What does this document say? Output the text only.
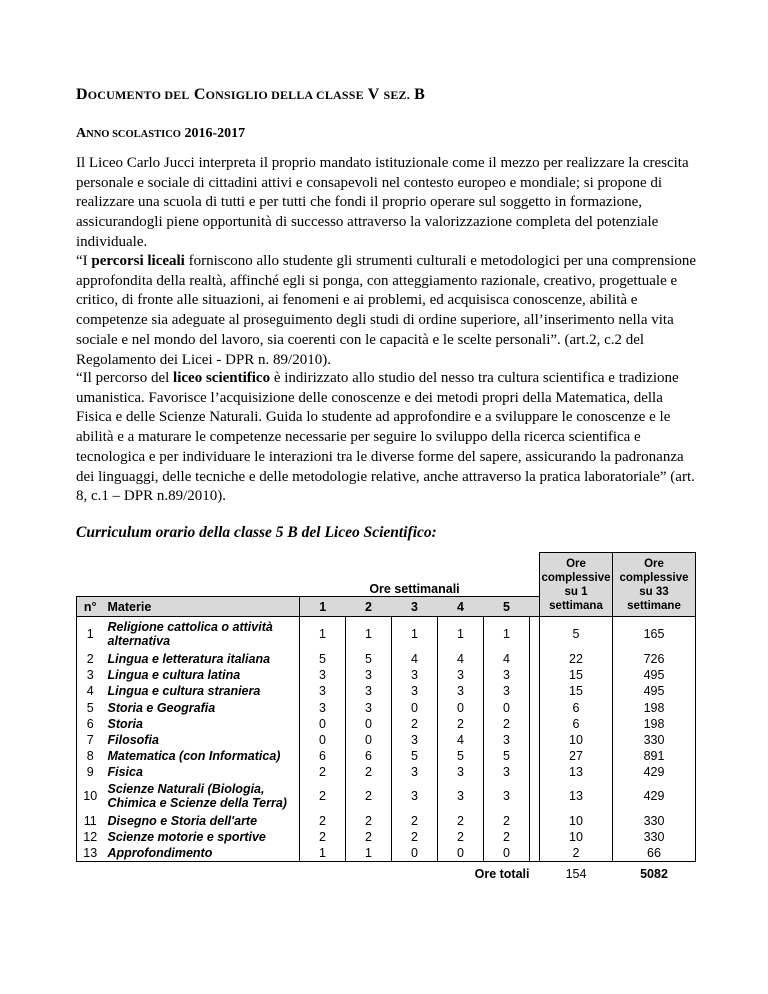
DOCUMENTO DEL CONSIGLIO DELLA CLASSE V SEZ. B
ANNO SCOLASTICO 2016-2017

Il Liceo Carlo Jucci interpreta il proprio mandato istituzionale come il mezzo per realizzare la crescita personale e sociale di cittadini attivi e consapevoli nel contesto europeo e mondiale; si propone di realizzare una scuola di tutti e per tutti che fondi il proprio operare sul soggetto in formazione, assicurandogli piene opportunità di successo attraverso la valorizzazione completa del potenziale individuale.

“I percorsi liceali forniscono allo studente gli strumenti culturali e metodologici per una comprensione approfondita della realtà, affinché egli si ponga, con atteggiamento razionale, creativo, progettuale e critico, di fronte alle situazioni, ai fenomeni e ai problemi, ed acquisisca conoscenze, abilità e competenze sia adeguate al proseguimento degli studi di ordine superiore, all’inserimento nella vita sociale e nel mondo del lavoro, sia coerenti con le capacità e le scelte personali”. (art.2, c.2 del Regolamento dei Licei - DPR n. 89/2010).

“Il percorso del liceo scientifico è indirizzato allo studio del nesso tra cultura scientifica e tradizione umanistica. Favorisce l’acquisizione delle conoscenze e dei metodi propri della Matematica, della Fisica e delle Scienze Naturali. Guida lo studente ad approfondire e a sviluppare le conoscenze e le abilità e a maturare le competenze necessarie per seguire lo sviluppo della ricerca scientifica e tecnologica e per individuare le interazioni tra le diverse forme del sapere, assicurando la padronanza dei linguaggi, delle tecniche e delle metodologie relative, anche attraverso la pratica laboratoriale” (art. 8, c.1 – DPR n.89/2010).

Curriculum orario della classe 5 B del Liceo Scientifico:
		Ore settimanali						Ore complessive su 1 settimana	Ore complessive su 33 settimane
n°	Materie	1	2	3	4	5			
1	Religione cattolica o attività alternativa	1	1	1	1	1		5	165
2	Lingua e letteratura italiana	5	5	4	4	4		22	726
3	Lingua e cultura latina	3	3	3	3	3		15	495
4	Lingua e cultura straniera	3	3	3	3	3		15	495
5	Storia e Geografia	3	3	0	0	0		6	198
6	Storia	0	0	2	2	2		6	198
7	Filosofia	0	0	3	4	3		10	330
8	Matematica (con Informatica)	6	6	5	5	5		27	891
9	Fisica	2	2	3	3	3		13	429
10	Scienze Naturali (Biologia, Chimica e Scienze della Terra)	2	2	3	3	3		13	429
11	Disegno e Storia dell'arte	2	2	2	2	2		10	330
12	Scienze motorie e sportive	2	2	2	2	2		10	330
13	Approfondimento	1	1	0	0	0		2	66
Ore totali								154	5082
